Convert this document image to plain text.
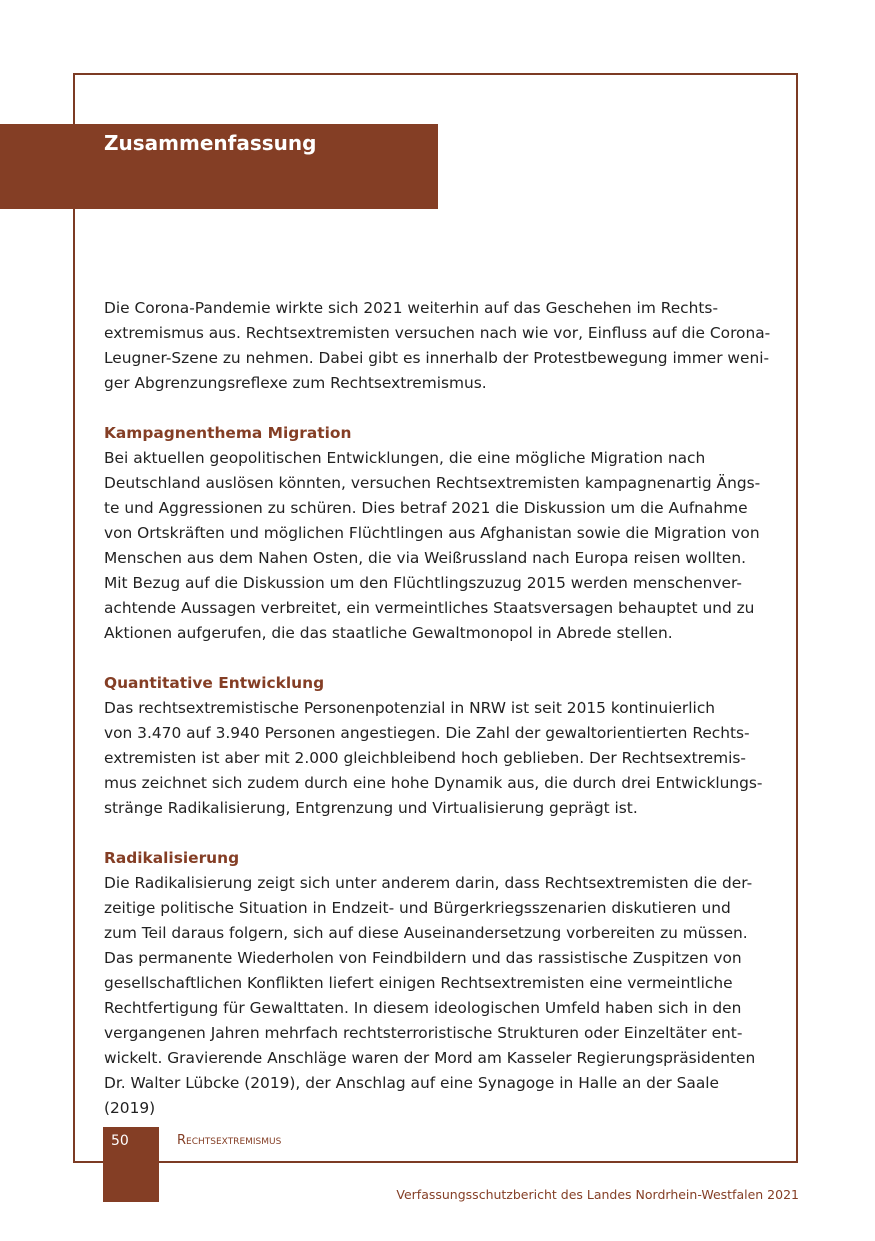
Zusammenfassung

Die Corona-Pandemie wirkte sich 2021 weiterhin auf das Geschehen im Rechts-
extremismus aus. Rechtsextremisten versuchen nach wie vor, Einfluss auf die Corona-
Leugner-Szene zu nehmen. Dabei gibt es innerhalb der Protestbewegung immer weni-
ger Abgrenzungsreflexe zum Rechtsextremismus.

Kampagnenthema Migration

Bei aktuellen geopolitischen Entwicklungen, die eine mögliche Migration nach
Deutschland auslösen könnten, versuchen Rechtsextremisten kampagnenartig Ängs-
te und Aggressionen zu schüren. Dies betraf 2021 die Diskussion um die Aufnahme
von Ortskräften und möglichen Flüchtlingen aus Afghanistan sowie die Migration von
Menschen aus dem Nahen Osten, die via Weißrussland nach Europa reisen wollten.
Mit Bezug auf die Diskussion um den Flüchtlingszuzug 2015 werden menschenver-
achtende Aussagen verbreitet, ein vermeintliches Staatsversagen behauptet und zu
Aktionen aufgerufen, die das staatliche Gewaltmonopol in Abrede stellen.

Quantitative Entwicklung

Das rechtsextremistische Personenpotenzial in NRW ist seit 2015 kontinuierlich
von 3.470 auf 3.940 Personen angestiegen. Die Zahl der gewaltorientierten Rechts-
extremisten ist aber mit 2.000 gleichbleibend hoch geblieben. Der Rechtsextremis-
mus zeichnet sich zudem durch eine hohe Dynamik aus, die durch drei Entwicklungs-
stränge Radikalisierung, Entgrenzung und Virtualisierung geprägt ist.

Radikalisierung

Die Radikalisierung zeigt sich unter anderem darin, dass Rechtsextremisten die der-
zeitige politische Situation in Endzeit- und Bürgerkriegsszenarien diskutieren und
zum Teil daraus folgern, sich auf diese Auseinandersetzung vorbereiten zu müssen.
Das permanente Wiederholen von Feindbildern und das rassistische Zuspitzen von
gesellschaftlichen Konflikten liefert einigen Rechtsextremisten eine vermeintliche
Rechtfertigung für Gewalttaten. In diesem ideologischen Umfeld haben sich in den
vergangenen Jahren mehrfach rechtsterroristische Strukturen oder Einzeltäter ent-
wickelt. Gravierende Anschläge waren der Mord am Kasseler Regierungspräsidenten
Dr. Walter Lübcke (2019), der Anschlag auf eine Synagoge in Halle an der Saale (2019)

50	Rechtsextremismus
Verfassungsschutzbericht des Landes Nordrhein-Westfalen 2021
